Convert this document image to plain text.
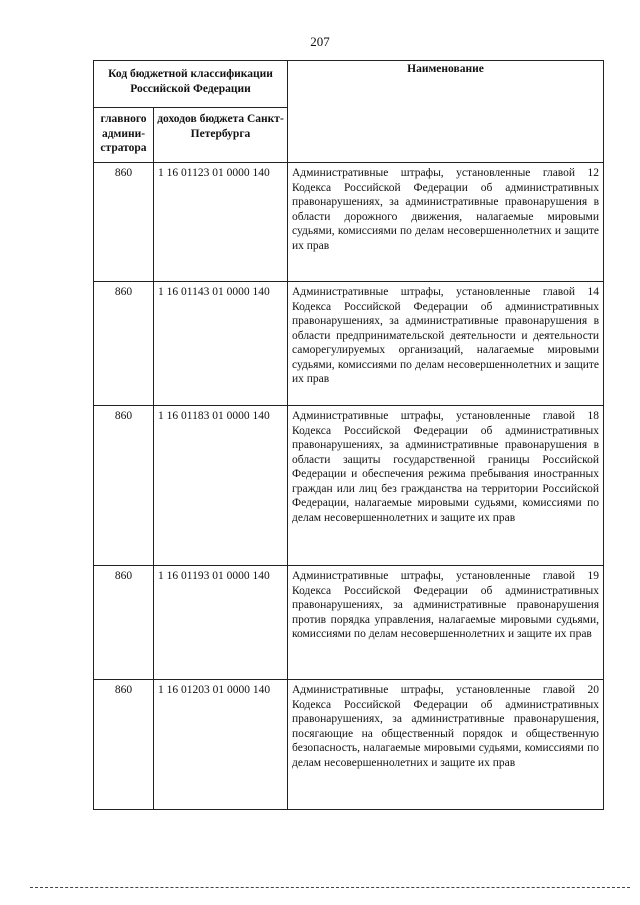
207
Код бюджетной классификации Российской Федерации		Наименование
главного админи-стратора	доходов бюджета Санкт-Петербурга	
860	1 16 01123 01 0000 140	Административные штрафы, установленные главой 12 Кодекса Российской Федерации об административных правонарушениях, за административные правонарушения в области дорожного движения, налагаемые мировыми судьями, комиссиями по делам несовершеннолетних и защите их прав

860	1 16 01143 01 0000 140	Административные штрафы, установленные главой 14 Кодекса Российской Федерации об административных правонарушениях, за административные правонарушения в области предпринимательской деятельности и деятельности саморегулируемых организаций, налагаемые мировыми судьями, комиссиями по делам несовершеннолетних и защите их прав

860	1 16 01183 01 0000 140	Административные штрафы, установленные главой 18 Кодекса Российской Федерации об административных правонарушениях, за административные правонарушения в области защиты государственной границы Российской Федерации и обеспечения режима пребывания иностранных граждан или лиц без гражданства на территории Российской Федерации, налагаемые мировыми судьями, комиссиями по делам несовершеннолетних и защите их прав

860	1 16 01193 01 0000 140	Административные штрафы, установленные главой 19 Кодекса Российской Федерации об административных правонарушениях, за административные правонарушения против порядка управления, налагаемые мировыми судьями, комиссиями по делам несовершеннолетних и защите их прав

860	1 16 01203 01 0000 140	Административные штрафы, установленные главой 20 Кодекса Российской Федерации об административных правонарушениях, за административные правонарушения, посягающие на общественный порядок и общественную безопасность, налагаемые мировыми судьями, комиссиями по делам несовершеннолетних и защите их прав
